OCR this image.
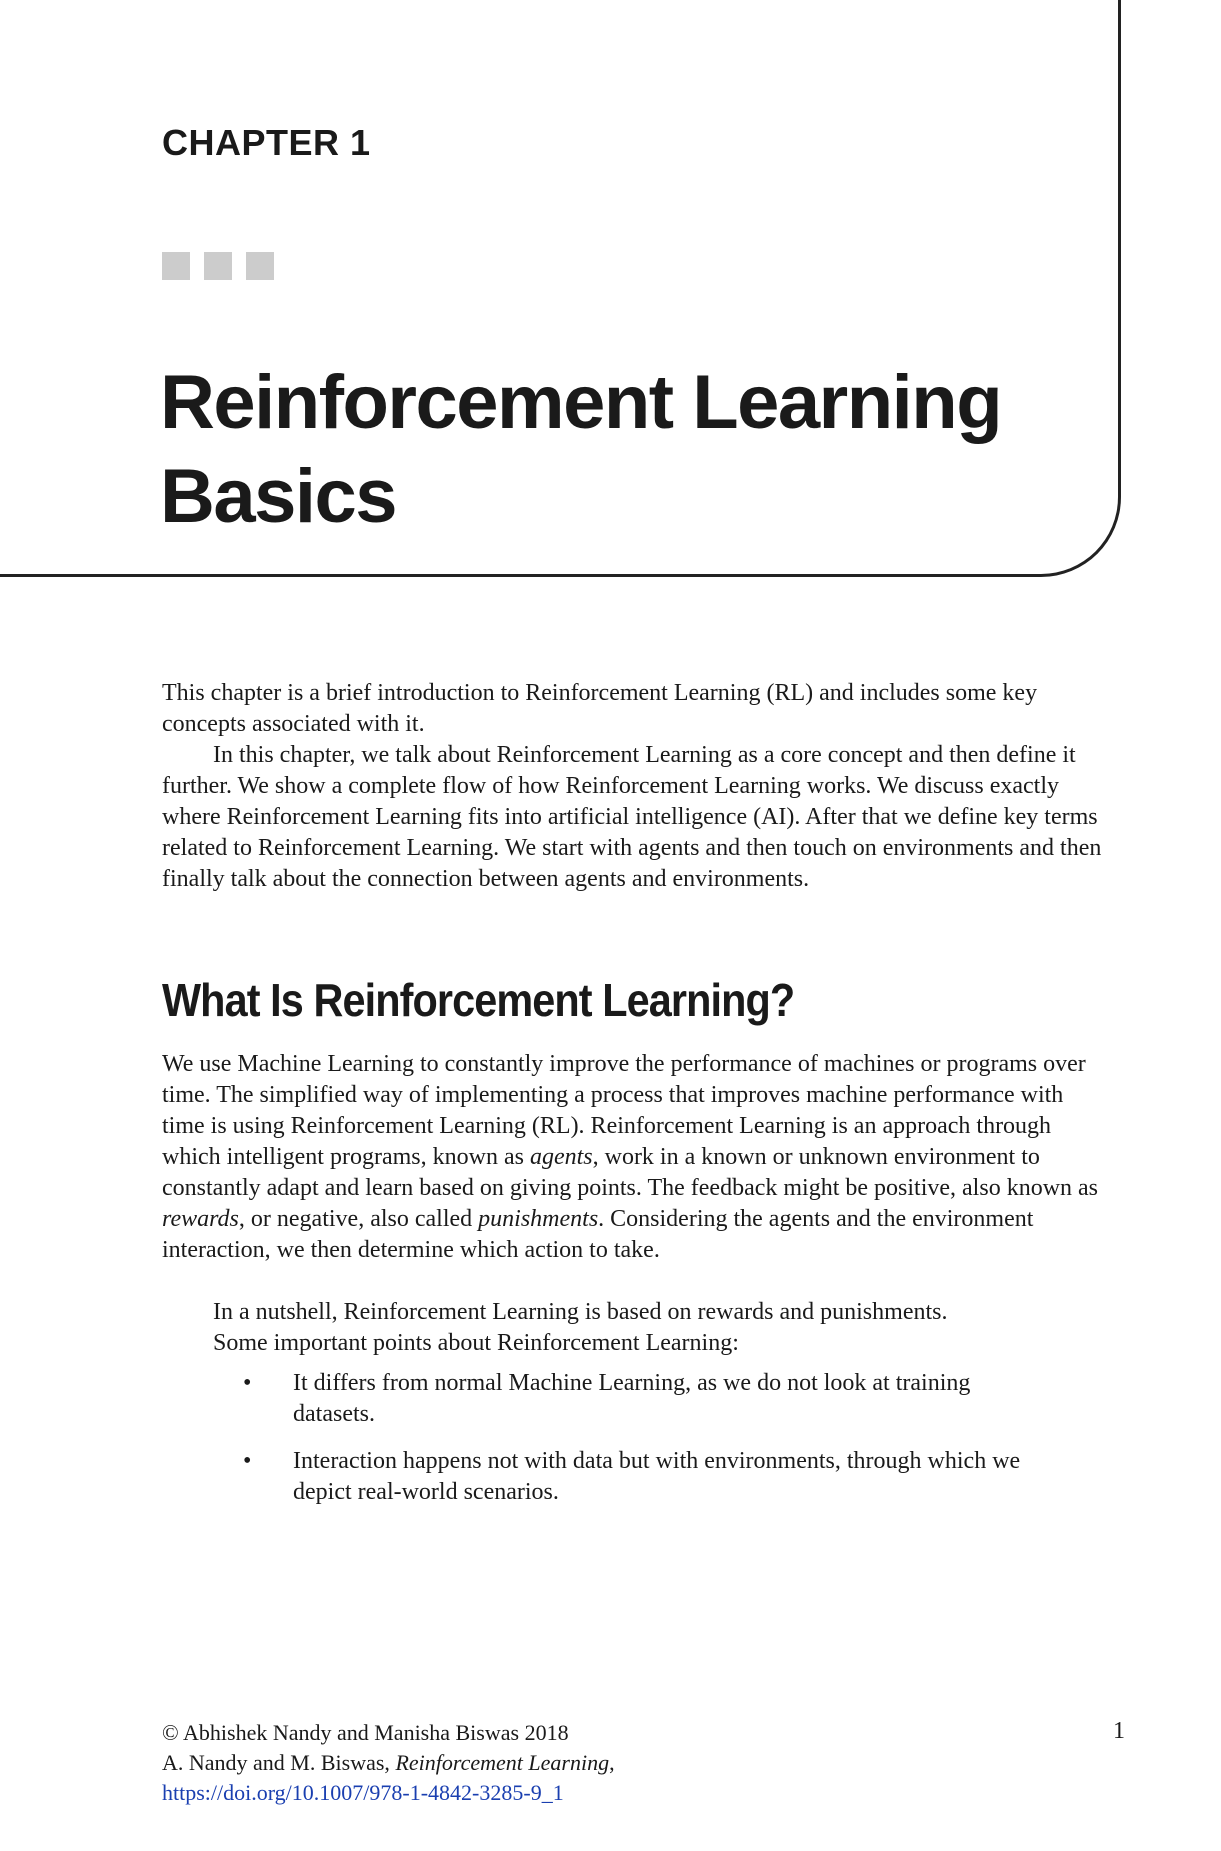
CHAPTER 1
Reinforcement Learning
Basics

This chapter is a brief introduction to Reinforcement Learning (RL) and includes some key concepts associated with it.

In this chapter, we talk about Reinforcement Learning as a core concept and then define it further. We show a complete flow of how Reinforcement Learning works. We discuss exactly where Reinforcement Learning fits into artificial intelligence (AI). After that we define key terms related to Reinforcement Learning. We start with agents and then touch on environments and then finally talk about the connection between agents and environments.

What Is Reinforcement Learning?

We use Machine Learning to constantly improve the performance of machines or programs over time. The simplified way of implementing a process that improves machine performance with time is using Reinforcement Learning (RL). Reinforcement Learning is an approach through which intelligent programs, known as agents, work in a known or unknown environment to constantly adapt and learn based on giving points. The feedback might be positive, also known as rewards, or negative, also called punishments. Considering the agents and the environment interaction, we then determine which action to take.

In a nutshell, Reinforcement Learning is based on rewards and punishments.

Some important points about Reinforcement Learning:

• It differs from normal Machine Learning, as we do not look at training datasets.
• Interaction happens not with data but with environments, through which we depict real-world scenarios.
© Abhishek Nandy and Manisha Biswas 2018
A. Nandy and M. Biswas, Reinforcement Learning,
https://doi.org/10.1007/978-1-4842-3285-9_1
1
